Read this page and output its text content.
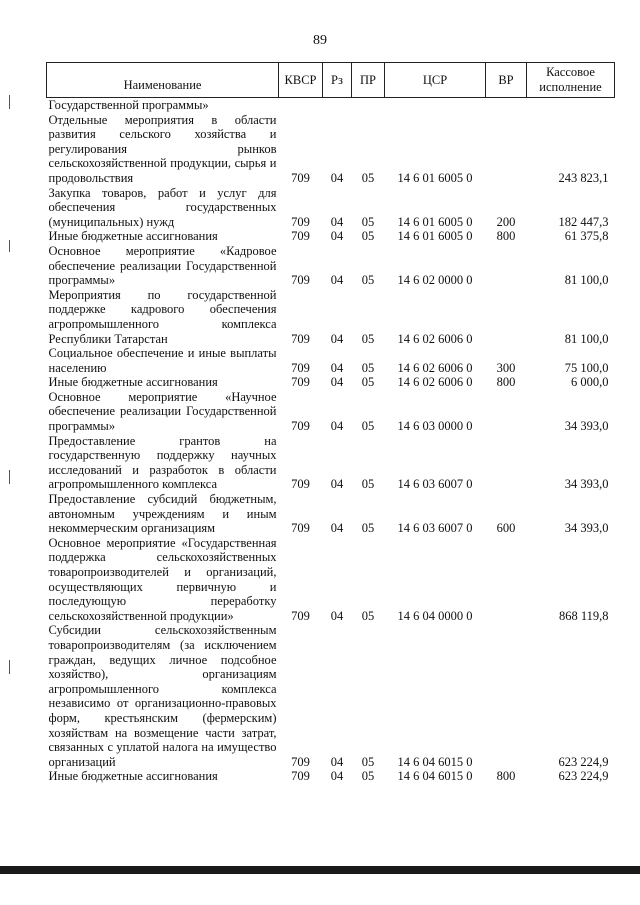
89
Наименование	КВСР	Рз	ПР	ЦСР	ВР	Кассовое исполнение
Государственной программы»						
Отдельные мероприятия в области развития сельского хозяйства и регулирования рынков сельскохозяйственной продукции, сырья и продовольствия	709	04	05	14 6 01 6005 0		243 823,1
Закупка товаров, работ и услуг для обеспечения государственных (муниципальных) нужд	709	04	05	14 6 01 6005 0	200	182 447,3
Иные бюджетные ассигнования	709	04	05	14 6 01 6005 0	800	61 375,8
Основное мероприятие «Кадровое обеспечение реализации Государственной программы»	709	04	05	14 6 02 0000 0		81 100,0
Мероприятия по государственной поддержке кадрового обеспечения агропромышленного комплекса Республики Татарстан	709	04	05	14 6 02 6006 0		81 100,0
Социальное обеспечение и иные выплаты населению	709	04	05	14 6 02 6006 0	300	75 100,0
Иные бюджетные ассигнования	709	04	05	14 6 02 6006 0	800	6 000,0
Основное мероприятие «Научное обеспечение реализации Государственной программы»	709	04	05	14 6 03 0000 0		34 393,0
Предоставление грантов на государственную поддержку научных исследований и разработок в области агропромышленного комплекса	709	04	05	14 6 03 6007 0		34 393,0
Предоставление субсидий бюджетным, автономным учреждениям и иным некоммерческим организациям	709	04	05	14 6 03 6007 0	600	34 393,0
Основное мероприятие «Государственная поддержка сельскохозяйственных товаропроизводителей и организаций, осуществляющих первичную и последующую переработку сельскохозяйственной продукции»	709	04	05	14 6 04 0000 0		868 119,8
Субсидии сельскохозяйственным товаропроизводителям (за исключением граждан, ведущих личное подсобное хозяйство), организациям агропромышленного комплекса независимо от организационно-правовых форм, крестьянским (фермерским) хозяйствам на возмещение части затрат, связанных с уплатой налога на имущество организаций	709	04	05	14 6 04 6015 0		623 224,9
Иные бюджетные ассигнования	709	04	05	14 6 04 6015 0	800	623 224,9
